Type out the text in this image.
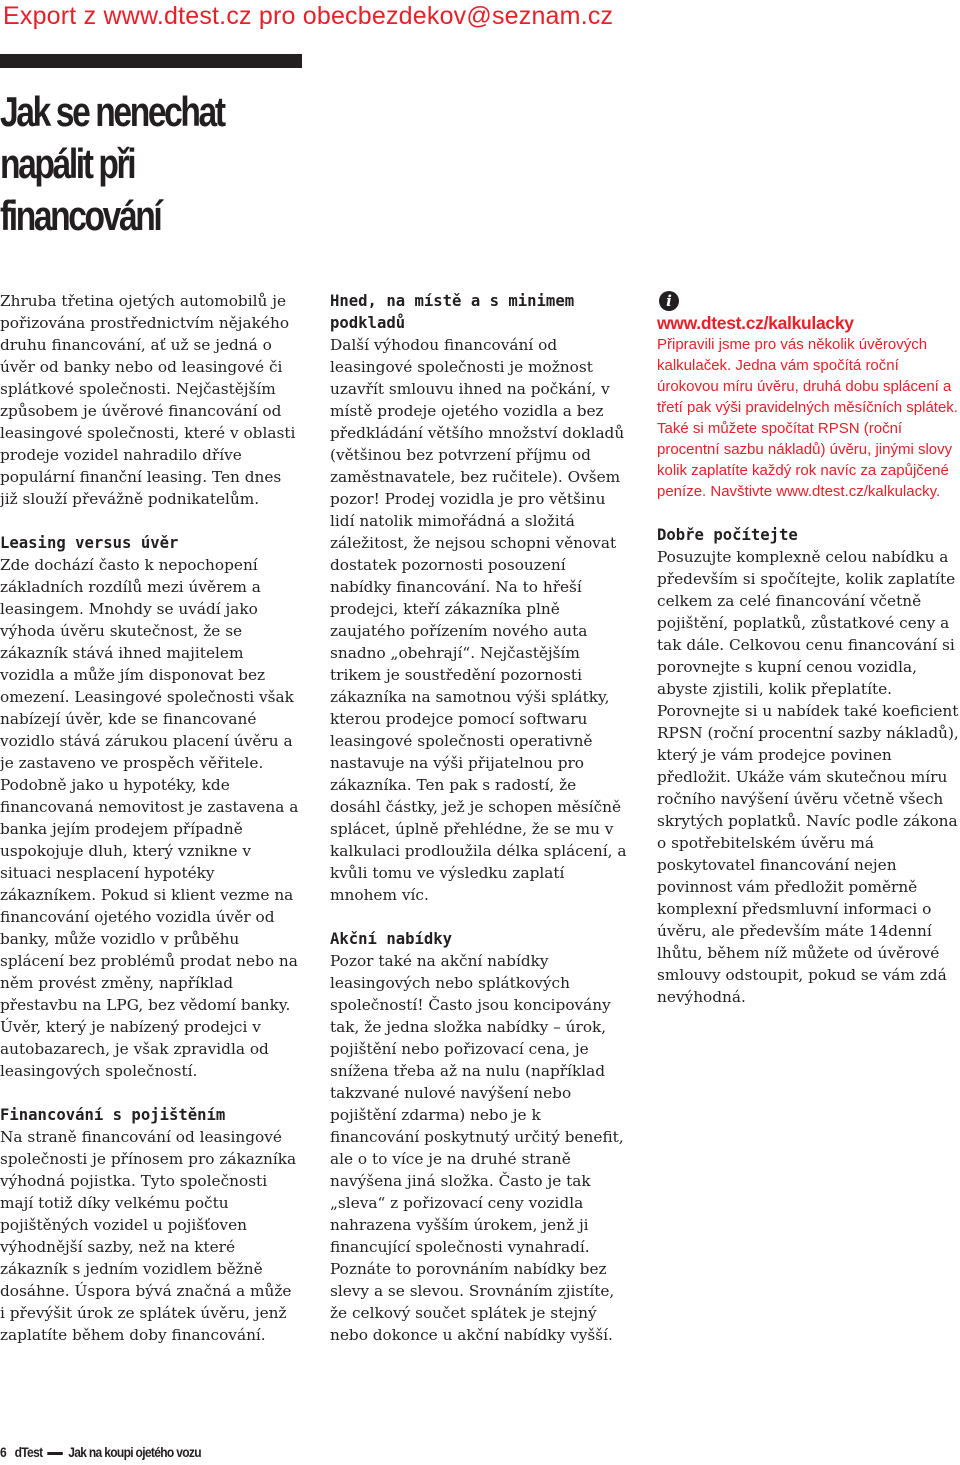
Export z www.dtest.cz pro obecbezdekov@seznam.cz
Jak se nenechat napálit při financování

Zhruba třetina ojetých automobilů je pořizována prostřednictvím nějakého druhu financování, ať už se jedná o úvěr od banky nebo od leasingové či splátkové společnosti. Nejčastějším způsobem je úvěrové financování od leasingové společnosti, které v oblasti prodeje vozidel nahradilo dříve populární finanční leasing. Ten dnes již slouží převážně podnikatelům.

Leasing versus úvěr

Zde dochází často k nepochopení základních rozdílů mezi úvěrem a leasingem. Mnohdy se uvádí jako výhoda úvěru skutečnost, že se zákazník stává ihned majitelem vozidla a může jím disponovat bez omezení. Leasingové společnosti však nabízejí úvěr, kde se financované vozidlo stává zárukou placení úvěru a je zastaveno ve prospěch věřitele. Podobně jako u hypotéky, kde financovaná nemovitost je zastavena a banka jejím prodejem případně uspokojuje dluh, který vznikne v situaci nesplacení hypotéky zákazníkem. Pokud si klient vezme na financování ojetého vozidla úvěr od banky, může vozidlo v průběhu splácení bez problémů prodat nebo na něm provést změny, například přestavbu na LPG, bez vědomí banky. Úvěr, který je nabízený prodejci v autobazarech, je však zpravidla od leasingových společností.

Financování s pojištěním

Na straně financování od leasingové společnosti je přínosem pro zákazníka výhodná pojistka. Tyto společnosti mají totiž díky velkému počtu pojištěných vozidel u pojišťoven výhodnější sazby, než na které zákazník s jedním vozidlem běžně dosáhne. Úspora bývá značná a může i převýšit úrok ze splátek úvěru, jenž zaplatíte během doby financování.

Hned, na místě a s minimem podkladů

Další výhodou financování od leasingové společnosti je možnost uzavřít smlouvu ihned na počkání, v místě prodeje ojetého vozidla a bez předkládání většího množství dokladů (většinou bez potvrzení příjmu od zaměstnavatele, bez ručitele). Ovšem pozor! Prodej vozidla je pro většinu lidí natolik mimořádná a složitá záležitost, že nejsou schopni věnovat dostatek pozornosti posouzení nabídky financování. Na to hřeší prodejci, kteří zákazníka plně zaujatého pořízením nového auta snadno „obehrají“. Nejčastějším trikem je soustředění pozornosti zákazníka na samotnou výši splátky, kterou prodejce pomocí softwaru leasingové společnosti operativně nastavuje na výši přijatelnou pro zákazníka. Ten pak s radostí, že dosáhl částky, jež je schopen měsíčně splácet, úplně přehlédne, že se mu v kalkulaci prodloužila délka splácení, a kvůli tomu ve výsledku zaplatí mnohem víc.

Akční nabídky

Pozor také na akční nabídky leasingových nebo splátkových společností! Často jsou koncipovány tak, že jedna složka nabídky – úrok, pojištění nebo pořizovací cena, je snížena třeba až na nulu (například takzvané nulové navýšení nebo pojištění zdarma) nebo je k financování poskytnutý určitý benefit, ale o to více je na druhé straně navýšena jiná složka. Často je tak „sleva“ z pořizovací ceny vozidla nahrazena vyšším úrokem, jenž ji financující společnosti vynahradí. Poznáte to porovnáním nabídky bez slevy a se slevou. Srovnáním zjistíte, že celkový součet splátek je stejný nebo dokonce u akční nabídky vyšší.

i
www.dtest.cz/kalkulacky

Připravili jsme pro vás několik úvěrových kalkulaček. Jedna vám spočítá roční úrokovou míru úvěru, druhá dobu splácení a třetí pak výši pravidelných měsíčních splátek. Také si můžete spočítat RPSN (roční procentní sazbu nákladů) úvěru, jinými slovy kolik zaplatíte každý rok navíc za zapůjčené peníze. Navštivte www.dtest.cz/kalkulacky.

Dobře počítejte

Posuzujte komplexně celou nabídku a především si spočítejte, kolik zaplatíte celkem za celé financování včetně pojištění, poplatků, zůstatkové ceny a tak dále. Celkovou cenu financování si porovnejte s kupní cenou vozidla, abyste zjistili, kolik přeplatíte. Porovnejte si u nabídek také koeficient RPSN (roční procentní sazby nákladů), který je vám prodejce povinen předložit. Ukáže vám skutečnou míru ročního navýšení úvěru včetně všech skrytých poplatků. Navíc podle zákona o spotřebitelském úvěru má poskytovatel financování nejen povinnost vám předložit poměrně komplexní předsmluvní informaci o úvěru, ale především máte 14denní lhůtu, během níž můžete od úvěrové smlouvy odstoupit, pokud se vám zdá nevýhodná.

6 dTest Jak na koupi ojetého vozu
